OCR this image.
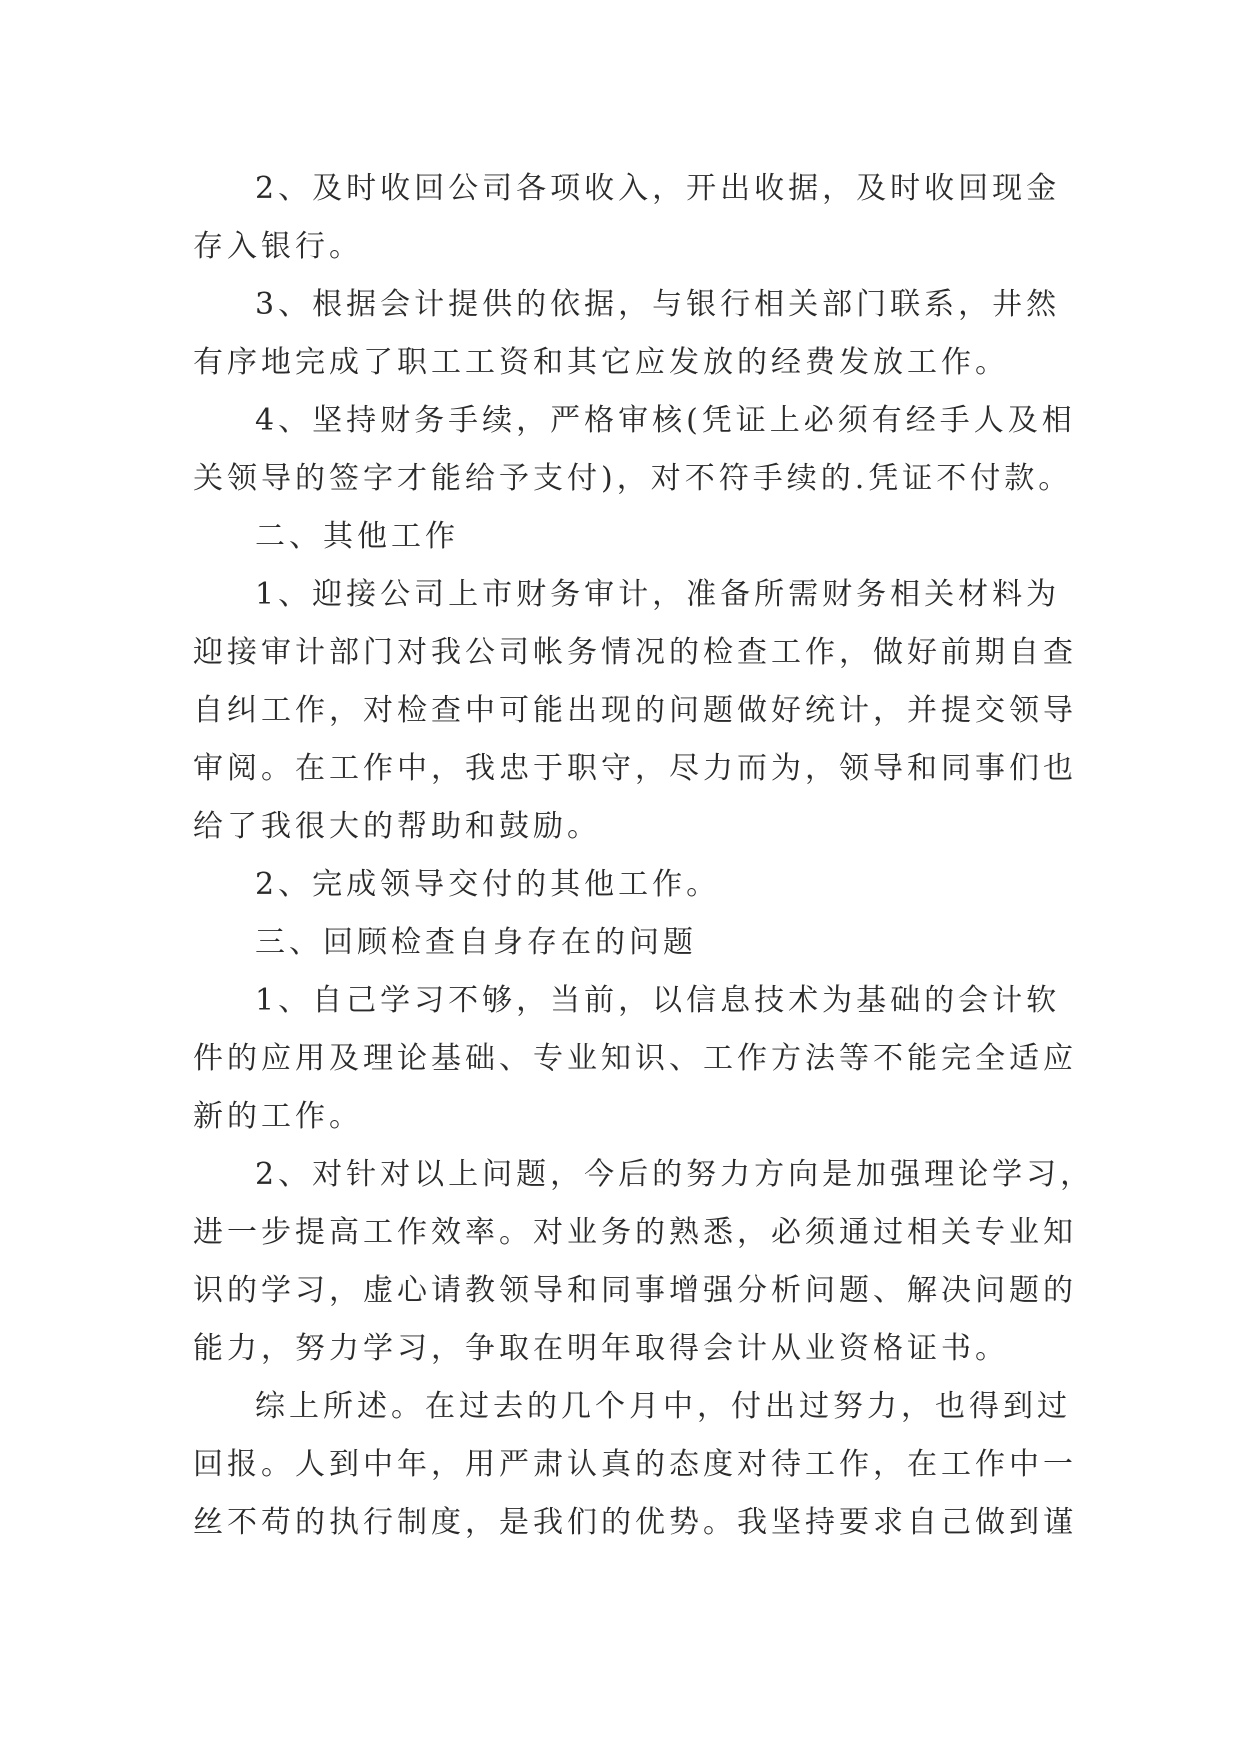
2、及时收回公司各项收入，开出收据，及时收回现金
存入银行。
3、根据会计提供的依据，与银行相关部门联系，井然
有序地完成了职工工资和其它应发放的经费发放工作。
4、坚持财务手续，严格审核(凭证上必须有经手人及相
关领导的签字才能给予支付)，对不符手续的.凭证不付款。
二、其他工作
1、迎接公司上市财务审计，准备所需财务相关材料为
迎接审计部门对我公司帐务情况的检查工作，做好前期自查
自纠工作，对检查中可能出现的问题做好统计，并提交领导
审阅。在工作中，我忠于职守，尽力而为，领导和同事们也
给了我很大的帮助和鼓励。
2、完成领导交付的其他工作。
三、回顾检查自身存在的问题
1、自己学习不够，当前，以信息技术为基础的会计软
件的应用及理论基础、专业知识、工作方法等不能完全适应
新的工作。
2、对针对以上问题，今后的努力方向是加强理论学习，
进一步提高工作效率。对业务的熟悉，必须通过相关专业知
识的学习，虚心请教领导和同事增强分析问题、解决问题的
能力，努力学习，争取在明年取得会计从业资格证书。
综上所述。在过去的几个月中，付出过努力，也得到过
回报。人到中年，用严肃认真的态度对待工作，在工作中一
丝不苟的执行制度，是我们的优势。我坚持要求自己做到谨
